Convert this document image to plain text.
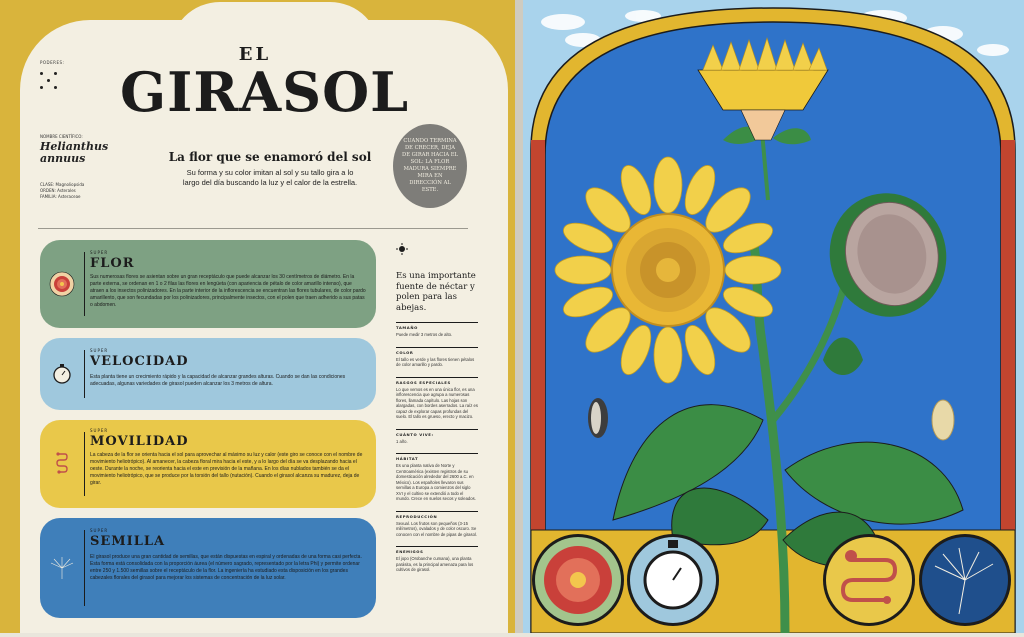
PODERES:	EL
GIRASOL
NOMBRE CIENTÍFICO:
Helianthus annuus
CLASE: Magnoliopsida
ORDEN: Asterales
FAMILIA: Asteraceae
La flor que se enamoró del sol
Su forma y su color imitan al sol y su tallo gira a lo largo del día buscando la luz y el calor de la estrella.
CUANDO TERMINA DE CRECER, DEJA DE GIRAR HACIA EL SOL: LA FLOR MADURA SIEMPRE MIRA EN DIRECCIÓN AL ESTE.
SUPER
FLOR
Sus numerosas flores se asientan sobre un gran receptáculo que puede alcanzar los 30 centímetros de diámetro. En la parte externa, se ordenan en 1 o 2 filas las flores en lengüeta (con apariencia de pétalo de color amarillo intenso), que atraen a los insectos polinizadores. En la parte interior de la inflorescencia se encuentran las flores tubulares, de color pardo amarillento, que son fecundadas por los polinizadores, principalmente insectos, con el polen que traen adherido a sus patas o abdomen.
SUPER
VELOCIDAD
Esta planta tiene un crecimiento rápido y la capacidad de alcanzar grandes alturas. Cuando se dan las condiciones adecuadas, algunas variedades de girasol pueden alcanzar los 3 metros de altura.
SUPER
MOVILIDAD
La cabeza de la flor se orienta hacia el sol para aprovechar al máximo su luz y calor (este giro se conoce con el nombre de movimiento heliotrópico). Al amanecer, la cabeza floral mira hacia el este, y a lo largo del día se va desplazando hacia el oeste. Durante la noche, se reorienta hacia el este en previsión de la mañana. En los días nublados también se da el movimiento heliotrópico, que se produce por la torsión del tallo (nutación). Cuando el girasol alcanza su madurez, deja de girar.
SUPER
SEMILLA
El girasol produce una gran cantidad de semillas, que están dispuestas en espiral y ordenadas de una forma casi perfecta. Esta forma está consolidada con la proporción áurea (el número sagrado, representado por la letra Phi) y permite ordenar entre 250 y 1.500 semillas sobre el receptáculo de la flor. La ingeniería ha estudiado esta disposición en los grandes cabezales florales del girasol para mejorar los sistemas de concentración de la luz solar.
Es una importante fuente de néctar y polen para las abejas.
TAMAÑO
Puede medir 3 metros de alto.
COLOR
El tallo es verde y las flores tienen pétalos de color amarillo y pardo.
RASGOS ESPECIALES
Lo que vemos es en una única flor, es una inflorescencia que agrupa a numerosas flores, llamada capítulo. Las hojas son alargadas, con bordes aserrados. La raíz es capaz de explorar capas profundas del suelo. El tallo es grueso, erecto y macizo.
CUÁNTO VIVE:
1 año.
HÁBITAT
Es una planta nativa de Norte y Centroamérica (existen registros de su domesticación alrededor del 2600 a.C. en México). Los españoles llevaron sus semillas a Europa a comienzos del siglo XVI y el cultivo se extendió a todo el mundo. Crece en suelos secos y soleados.
REPRODUCCIÓN
Sexual. Los frutos son pequeños (3-15 milímetros), ovalados y de color oscuro. Se conocen con el nombre de pipas de girasol.
ENEMIGOS
El jopo (Orobanche cumana), una planta parásita, es la principal amenaza para los cultivos de girasol.
